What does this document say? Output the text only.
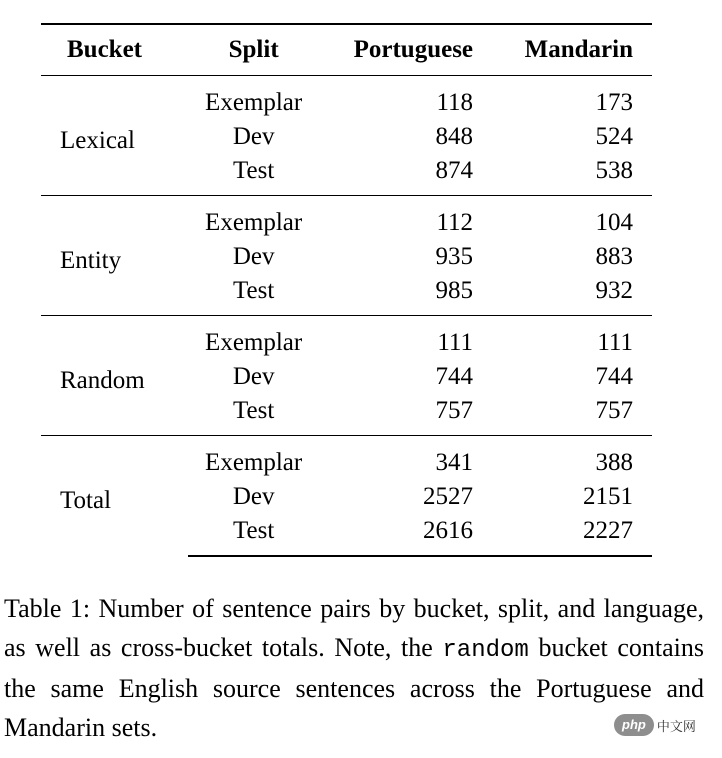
Bucket	Split	Portuguese	Mandarin
Lexical	Exemplar	118	173
	Dev	848	524
	Test	874	538
Entity	Exemplar	112	104
	Dev	935	883
	Test	985	932
Random	Exemplar	111	111
	Dev	744	744
	Test	757	757
Total	Exemplar	341	388
	Dev	2527	2151
	Test	2616	2227

Table 1: Number of sentence pairs by bucket, split, and language, as well as cross-bucket totals. Note, the random bucket contains the same English source sentences across the Portuguese and Mandarin sets.	php 中文网
